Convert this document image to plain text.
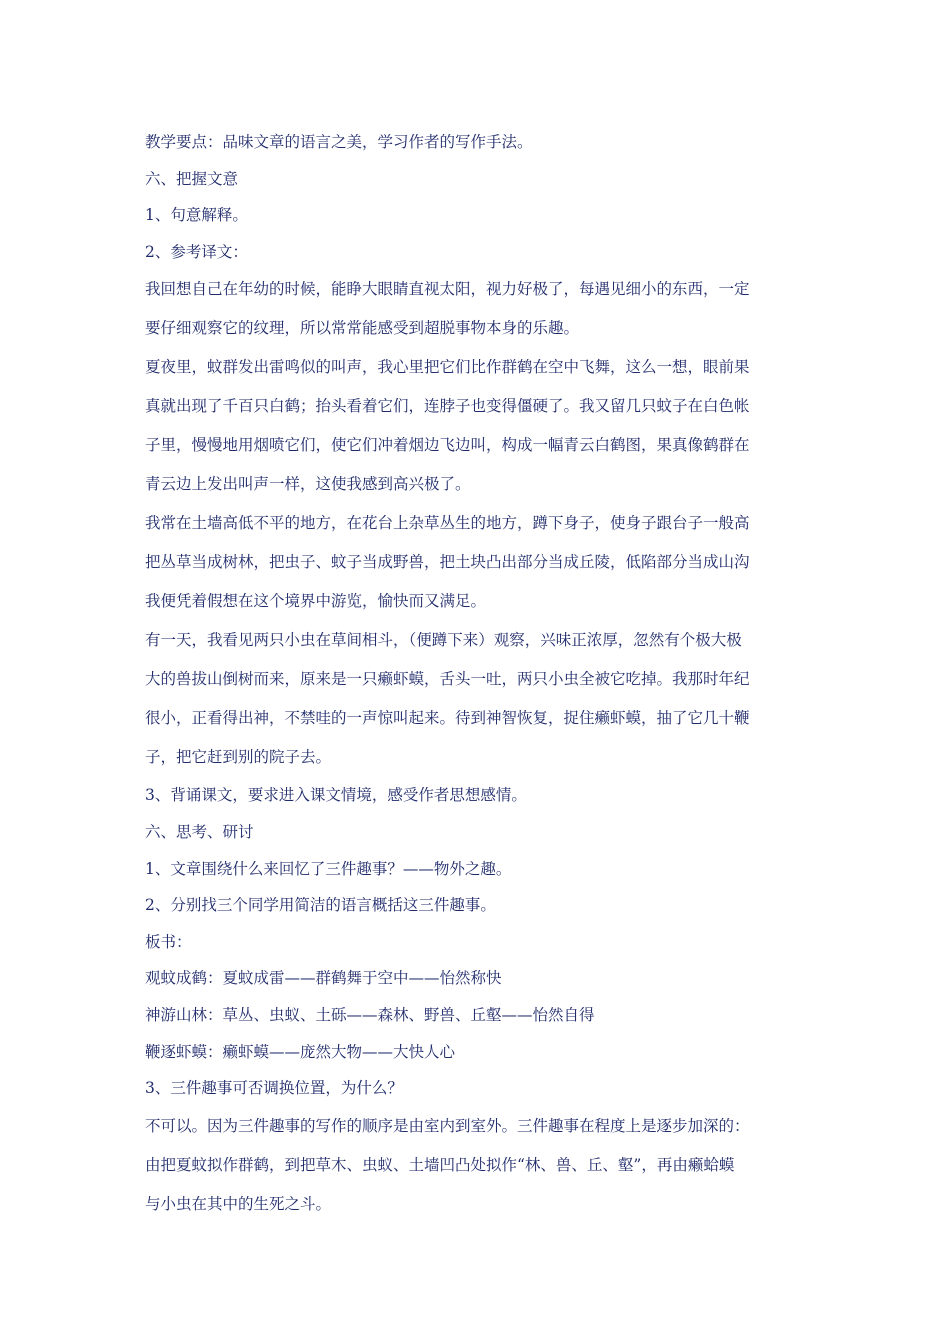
教学要点：品味文章的语言之美，学习作者的写作手法。
六、把握文意
1、句意解释。
2、参考译文：
我回想自己在年幼的时候，能睁大眼睛直视太阳，视力好极了，每遇见细小的东西，一定
要仔细观察它的纹理，所以常常能感受到超脱事物本身的乐趣。
夏夜里，蚊群发出雷鸣似的叫声，我心里把它们比作群鹤在空中飞舞，这么一想，眼前果
真就出现了千百只白鹤；抬头看着它们，连脖子也变得僵硬了。我又留几只蚊子在白色帐
子里，慢慢地用烟喷它们，使它们冲着烟边飞边叫，构成一幅青云白鹤图，果真像鹤群在
青云边上发出叫声一样，这使我感到高兴极了。
我常在土墙高低不平的地方，在花台上杂草丛生的地方，蹲下身子，使身子跟台子一般高
把丛草当成树林，把虫子、蚊子当成野兽，把土块凸出部分当成丘陵，低陷部分当成山沟
我便凭着假想在这个境界中游览，愉快而又满足。
有一天，我看见两只小虫在草间相斗，（便蹲下来）观察，兴味正浓厚，忽然有个极大极
大的兽拔山倒树而来，原来是一只癞虾蟆，舌头一吐，两只小虫全被它吃掉。我那时年纪
很小，正看得出神，不禁哇的一声惊叫起来。待到神智恢复，捉住癞虾蟆，抽了它几十鞭
子，把它赶到别的院子去。
3、背诵课文，要求进入课文情境，感受作者思想感情。
六、思考、研讨
1、文章围绕什么来回忆了三件趣事？——物外之趣。
2、分别找三个同学用简洁的语言概括这三件趣事。
板书：
观蚊成鹤：夏蚊成雷——群鹤舞于空中——怡然称快
神游山林：草丛、虫蚁、土砾——森林、野兽、丘壑——怡然自得
鞭逐虾蟆：癞虾蟆——庞然大物——大快人心
3、三件趣事可否调换位置，为什么？
不可以。因为三件趣事的写作的顺序是由室内到室外。三件趣事在程度上是逐步加深的：
由把夏蚊拟作群鹤，到把草木、虫蚁、土墙凹凸处拟作“林、兽、丘、壑”，再由癞蛤蟆
与小虫在其中的生死之斗。
